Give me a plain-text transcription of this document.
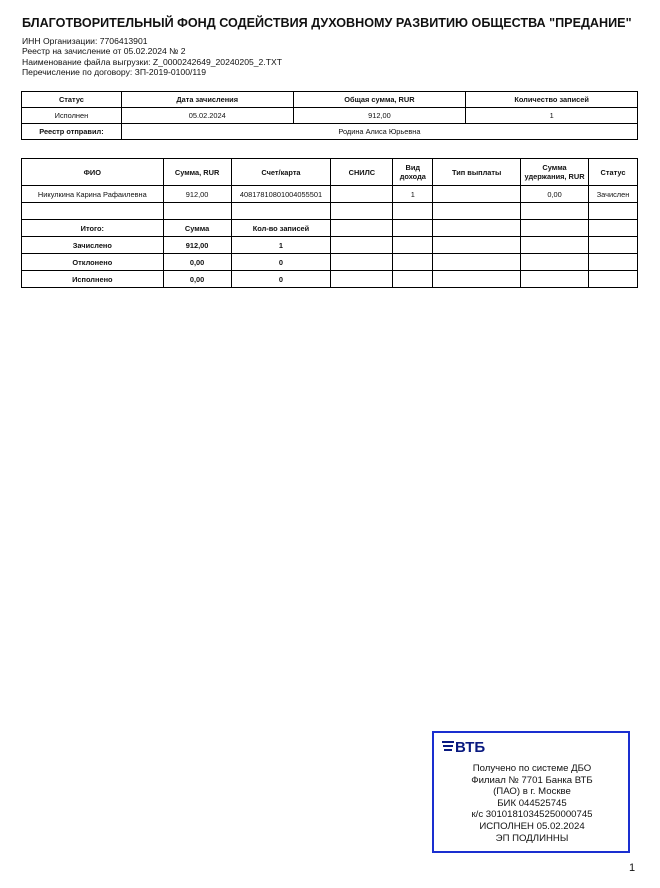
БЛАГОТВОРИТЕЛЬНЫЙ ФОНД СОДЕЙСТВИЯ ДУХОВНОМУ РАЗВИТИЮ ОБЩЕСТВА "ПРЕДАНИЕ"
ИНН Организации: 7706413901
Реестр на зачисление от 05.02.2024 № 2
Наименование файла выгрузки: Z_0000242649_20240205_2.TXT
Перечисление по договору: ЗП-2019-0100/119
Статус	Дата зачисления	Общая сумма, RUR	Количество записей
Исполнен	05.02.2024	912,00	1
Реестр отправил:	Родина Алиса Юрьевна		
ФИО	Сумма, RUR	Счет/карта	СНИЛС	Вид дохода	Тип выплаты	Сумма удержания, RUR	Статус
Никулкина Карина Рафаилевна	912,00	40817810801004055501		1		0,00	Зачислен

Итого:	Сумма	Кол-во записей					
Зачислено	912,00	1					
Отклонено	0,00	0					
Исполнено	0,00	0					
ВТБ
Получено по системе ДБО
Филиал № 7701 Банка ВТБ
(ПАО) в г. Москве
БИК 044525745
к/с 30101810345250000745
ИСПОЛНЕН 05.02.2024
ЭП ПОДЛИННЫ
1
